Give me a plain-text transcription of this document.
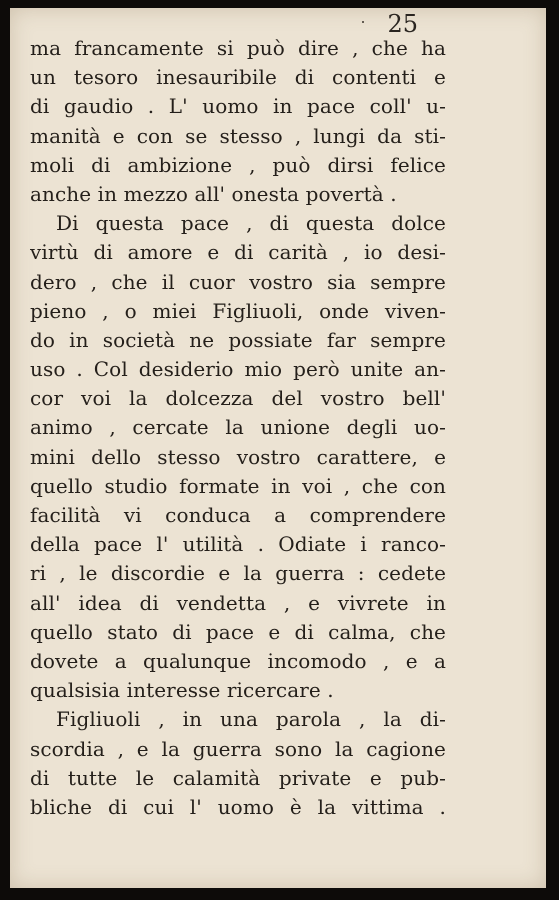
25
ma francamente si può dire , che ha
un tesoro inesauribile di contenti e
di gaudio . L' uomo in pace coll' u-
manità e con se stesso , lungi da sti-
moli di ambizione , può dirsi felice
anche in mezzo all' onesta povertà .
Di questa pace , di questa dolce
virtù di amore e di carità , io desi-
dero , che il cuor vostro sia sempre
pieno , o miei Figliuoli, onde viven-
do in società ne possiate far sempre
uso . Col desiderio mio però unite an-
cor voi la dolcezza del vostro bell'
animo , cercate la unione degli uo-
mini dello stesso vostro carattere, e
quello studio formate in voi , che con
facilità vi conduca a comprendere
della pace l' utilità . Odiate i ranco-
ri , le discordie e la guerra : cedete
all' idea di vendetta , e vivrete in
quello stato di pace e di calma, che
dovete a qualunque incomodo , e a
qualsisia interesse ricercare .
Figliuoli , in una parola , la di-
scordia , e la guerra sono la cagione
di tutte le calamità private e pub-
bliche di cui l' uomo è la vittima .
